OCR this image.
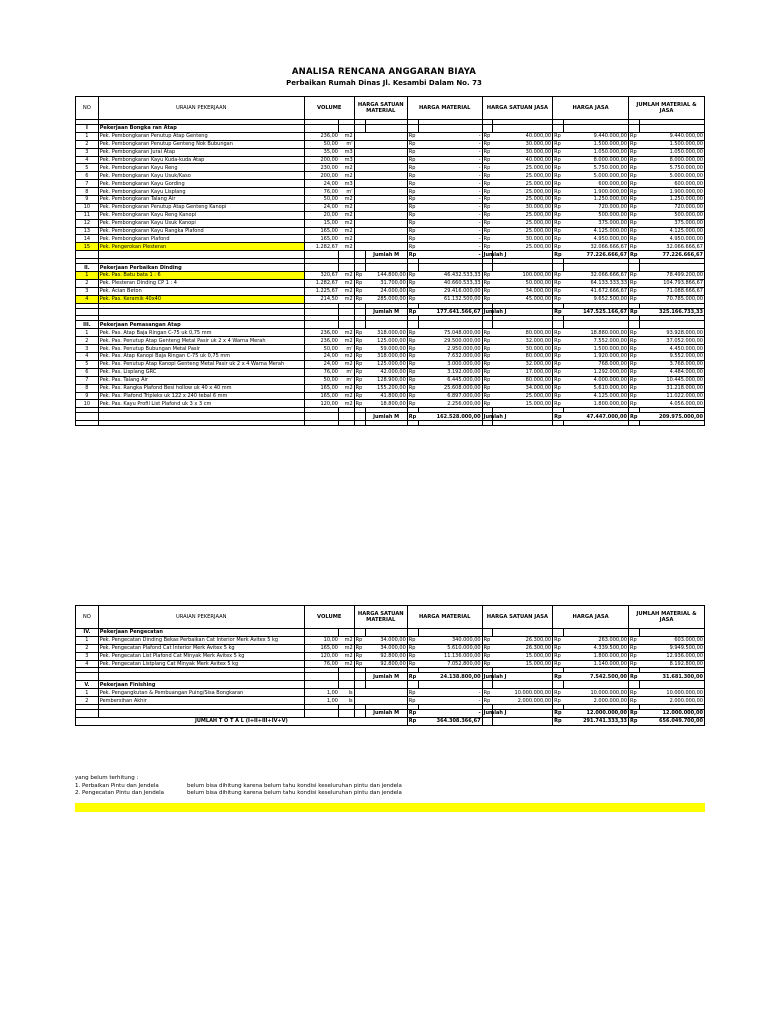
ANALISA RENCANA ANGGARAN BIAYA
Perbaikan Rumah Dinas Jl. Kesambi Dalam No. 73
NO	URAIAN PEKERJAAN	VOLUME		HARGA SATUAN MATERIAL		HARGA MATERIAL		HARGA SATUAN JASA		HARGA JASA		JUMLAH MATERIAL & JASA	

I	Pekerjaan Bongka ran Atap												
1	Pek. Pembongkaran Penutup Atap Genteng	236,00	m2			Rp	-	Rp	40.000,00	Rp	9.440.000,00	Rp	9.440.000,00
2	Pek. Pembongkaran Penutup Genteng Nok Bubungan	50,00	m'			Rp	-	Rp	30.000,00	Rp	1.500.000,00	Rp	1.500.000,00
3	Pek. Pembongkaran Jurai Atap	35,00	m3			Rp	-	Rp	30.000,00	Rp	1.050.000,00	Rp	1.050.000,00
4	Pek. Pembongkaran Kayu Kuda-kuda Atap	200,00	m3			Rp	-	Rp	40.000,00	Rp	8.000.000,00	Rp	8.000.000,00
5	Pek. Pembongkaran Kayu Reng	230,00	m2			Rp	-	Rp	25.000,00	Rp	5.750.000,00	Rp	5.750.000,00
6	Pek. Pembongkaran Kayu Usuk/Kaso	200,00	m2			Rp	-	Rp	25.000,00	Rp	5.000.000,00	Rp	5.000.000,00
7	Pek. Pembongkaran Kayu Gording	24,00	m3			Rp	-	Rp	25.000,00	Rp	600.000,00	Rp	600.000,00
8	Pek. Pembongkaran Kayu Lisplang	76,00	m'			Rp	-	Rp	25.000,00	Rp	1.900.000,00	Rp	1.900.000,00
9	Pek. Pembongkaran Talang Air	50,00	m2			Rp	-	Rp	25.000,00	Rp	1.250.000,00	Rp	1.250.000,00
10	Pek. Pembongkaran Penutup Atap Genteng Kanopi	24,00	m2			Rp	-	Rp	30.000,00	Rp	720.000,00	Rp	720.000,00
11	Pek. Pembongkaran Kayu Reng Kanopi	20,00	m2			Rp	-	Rp	25.000,00	Rp	500.000,00	Rp	500.000,00
12	Pek. Pembongkaran Kayu Usuk Kanopi	15,00	m2			Rp	-	Rp	25.000,00	Rp	375.000,00	Rp	375.000,00
13	Pek. Pembongkaran Kayu Rangka Plafond	165,00	m2			Rp	-	Rp	25.000,00	Rp	4.125.000,00	Rp	4.125.000,00
14	Pek. Pembongkaran Plafond	165,00	m2			Rp	-	Rp	30.000,00	Rp	4.950.000,00	Rp	4.950.000,00
15	Pek. Pengerokan Plesteran	1.282,67	m2			Rp	-	Rp	25.000,00	Rp	32.066.666,67	Rp	32.066.666,67
					Jumlah M	Rp	-	Jumlah J		Rp	77.226.666,67	Rp	77.226.666,67

II.	Pekerjaan Perbaikan Dinding												
1	Pek. Pas. Batu bata 1 : 6	320,67	m2	Rp	144.800,00	Rp	46.432.533,33	Rp	100.000,00	Rp	32.066.666,67	Rp	78.499.200,00
2	Pek. Plesteran Dinding CP 1 : 4	1.282,67	m2	Rp	31.700,00	Rp	40.660.533,33	Rp	50.000,00	Rp	64.133.333,33	Rp	104.793.866,67
3	Pek. Acian Beton	1.225,67	m2	Rp	24.000,00	Rp	29.416.000,00	Rp	34.000,00	Rp	41.672.666,67	Rp	71.088.666,67
4	Pek. Pas. Keramik 40x40	214,50	m2	Rp	285.000,00	Rp	61.132.500,00	Rp	45.000,00	Rp	9.652.500,00	Rp	70.785.000,00

					Jumlah M	Rp	177.641.566,67	Jumlah J		Rp	147.525.166,67	Rp	325.166.733,33

III.	Pekerjaan Pemasangan Atap												
1	Pek. Pas. Atap Baja Ringan C-75 uk 0,75 mm	236,00	m2	Rp	318.000,00	Rp	75.048.000,00	Rp	80.000,00	Rp	18.880.000,00	Rp	93.928.000,00
2	Pek. Pas. Penutup Atap Genteng Metal Pasir uk 2 x 4 Warna Merah	236,00	m2	Rp	125.000,00	Rp	29.500.000,00	Rp	32.000,00	Rp	7.552.000,00	Rp	37.052.000,00
3	Pek. Pas. Penutup Bubungan Metal Pasir	50,00	m'	Rp	59.000,00	Rp	2.950.000,00	Rp	30.000,00	Rp	1.500.000,00	Rp	4.450.000,00
4	Pek. Pas. Atap Kanopi Baja Ringan C-75 uk 0,75 mm	24,00	m2	Rp	318.000,00	Rp	7.632.000,00	Rp	80.000,00	Rp	1.920.000,00	Rp	9.552.000,00
5	Pek. Pas. Penutup Atap Kanopi Genteng Metal Pasir uk 2 x 4 Warna Merah	24,00	m2	Rp	125.000,00	Rp	3.000.000,00	Rp	32.000,00	Rp	768.000,00	Rp	3.768.000,00
6	Pek. Pas. Lisplang GRC	76,00	m'	Rp	42.000,00	Rp	3.192.000,00	Rp	17.000,00	Rp	1.292.000,00	Rp	4.484.000,00
7	Pek. Pas. Talang Air	50,00	m'	Rp	128.900,00	Rp	6.445.000,00	Rp	80.000,00	Rp	4.000.000,00	Rp	10.445.000,00
8	Pek. Pas. Rangka Plafond Besi hollow uk 40 x 40 mm	165,00	m2	Rp	155.200,00	Rp	25.608.000,00	Rp	34.000,00	Rp	5.610.000,00	Rp	31.218.000,00
9	Pek. Pas. Plafond Tripleks uk 122 x 240 tebal 6 mm	165,00	m2	Rp	41.800,00	Rp	6.897.000,00	Rp	25.000,00	Rp	4.125.000,00	Rp	11.022.000,00
10	Pek. Pas. Kayu Profil List Plafond uk 3 x 3 cm	120,00	m2	Rp	18.800,00	Rp	2.256.000,00	Rp	15.000,00	Rp	1.800.000,00	Rp	4.056.000,00

					Jumlah M	Rp	162.528.000,00	Jumlah J		Rp	47.447.000,00	Rp	209.975.000,00

NO	URAIAN PEKERJAAN	VOLUME		HARGA SATUAN MATERIAL		HARGA MATERIAL		HARGA SATUAN JASA		HARGA JASA		JUMLAH MATERIAL & JASA	
IV.	Pekerjaan Pengecatan												
1	Pek. Pengecatan Dinding Bekas Perbaikan Cat Interior Merk Avitex 5 kg	10,00	m2	Rp	34.000,00	Rp	340.000,00	Rp	26.300,00	Rp	263.000,00	Rp	603.000,00
2	Pek. Pengecatan Plafond Cat Interior Merk Avitex 5 kg	165,00	m2	Rp	34.000,00	Rp	5.610.000,00	Rp	26.300,00	Rp	4.339.500,00	Rp	9.949.500,00
3	Pek. Pengecatan List Plafond Cat Minyak Merk Avitex 5 kg	120,00	m2	Rp	92.800,00	Rp	11.136.000,00	Rp	15.000,00	Rp	1.800.000,00	Rp	12.936.000,00
4	Pek. Pengecatan Listplang Cat Minyak Merk Avitex 5 kg	76,00	m2	Rp	92.800,00	Rp	7.052.800,00	Rp	15.000,00	Rp	1.140.000,00	Rp	8.192.800,00

					Jumlah M	Rp	24.138.800,00	Jumlah J		Rp	7.542.500,00	Rp	31.681.300,00
V.	Pekerjaan Finishing												
1	Pek. Pengangkutan & Pembuangan Puing/Sisa Bongkaran	1,00	ls			Rp	-	Rp	10.000.000,00	Rp	10.000.000,00	Rp	10.000.000,00
2	Pembersihan Akhir	1,00	ls			Rp	-	Rp	2.000.000,00	Rp	2.000.000,00	Rp	2.000.000,00

					Jumlah M	Rp	-	Jumlah J		Rp	12.000.000,00	Rp	12.000.000,00
JUMLAH T O T A L (I+II+III+IV+V)						Rp	364.308.366,67			Rp	291.741.333,33	Rp	656.049.700,00
yang belum terhitung :
1. Perbaikan Pintu dan Jendela	belum bisa dihitung karena belum tahu kondisi keseluruhan pintu dan jendela
2. Pengecatan Pintu dan Jendela	belum bisa dihitung karena belum tahu kondisi keseluruhan pintu dan jendela
